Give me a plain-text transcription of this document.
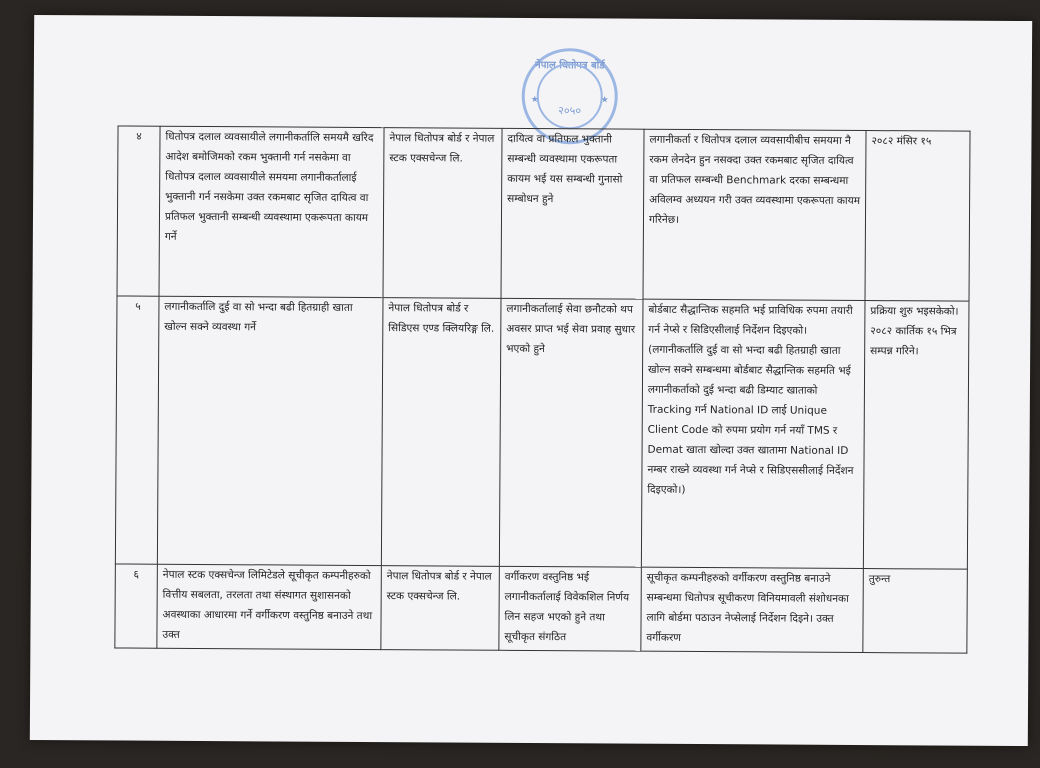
नेपाल धितोपत्र बोर्ड
२०५०
★	★
४	धितोपत्र दलाल व्यवसायीले लगानीकर्तालि समयमै खरिद आदेश बमोजिमको रकम भुक्तानी गर्न नसकेमा वा धितोपत्र दलाल व्यवसायीले समयमा लगानीकर्तालाई भुक्तानी गर्न नसकेमा उक्त रकमबाट सृजित दायित्व वा प्रतिफल भुक्तानी सम्बन्धी व्यवस्थामा एकरूपता कायम गर्ने	नेपाल धितोपत्र बोर्ड र नेपाल स्टक एक्सचेन्ज लि.	दायित्व वा प्रतिफल भुक्तानी सम्बन्धी व्यवस्थामा एकरूपता कायम भई यस सम्बन्धी गुनासो सम्बोधन हुने	लगानीकर्ता र धितोपत्र दलाल व्यवसायीबीच समयमा नै रकम लेनदेन हुन नसक्दा उक्त रकमबाट सृजित दायित्व वा प्रतिफल सम्बन्धी Benchmark दरका सम्बन्धमा अविलम्व अध्ययन गरी उक्त व्यवस्थामा एकरूपता कायम गरिनेछ।	२०८२ मंसिर १५
५	लगानीकर्तालि दुई वा सो भन्दा बढी हितग्राही खाता खोल्न सक्ने व्यवस्था गर्ने	नेपाल धितोपत्र बोर्ड र सिडिएस एण्ड क्लियरिङ्ग लि.	लगानीकर्तालाई सेवा छनौटको थप अवसर प्राप्त भई सेवा प्रवाह सुधार भएको हुने	बोर्डबाट सैद्धान्तिक सहमति भई प्राविधिक रुपमा तयारी गर्न नेप्से र सिडिएसीलाई निर्देशन दिइएको। (लगानीकर्तालि दुई वा सो भन्दा बढी हितग्राही खाता खोल्न सक्ने सम्बन्धमा बोर्डबाट सैद्धान्तिक सहमति भई लगानीकर्ताको दुई भन्दा बढी डिम्याट खाताको Tracking गर्न National ID लाई Unique Client Code को रुपमा प्रयोग गर्न नयाँ TMS र Demat खाता खोल्दा उक्त खातामा National ID नम्बर राख्ने व्यवस्था गर्न नेप्से र सिडिएससीलाई निर्देशन दिइएको।)	प्रक्रिया शुरु भइसकेको। २०८२ कार्तिक १५ भित्र सम्पन्न गरिने।
६	नेपाल स्टक एक्सचेन्ज लिमिटेडले सूचीकृत कम्पनीहरुको वित्तीय सबलता, तरलता तथा संस्थागत सुशासनको अवस्थाका आधारमा गर्ने वर्गीकरण वस्तुनिष्ठ बनाउने तथा उक्त	नेपाल धितोपत्र बोर्ड र नेपाल स्टक एक्सचेन्ज लि.	वर्गीकरण वस्तुनिष्ठ भई लगानीकर्तालाई विवेकशिल निर्णय लिन सहज भएको हुने तथा सूचीकृत संगठित	सूचीकृत कम्पनीहरुको वर्गीकरण वस्तुनिष्ठ बनाउने सम्बन्धमा धितोपत्र सूचीकरण विनियमावली संशोधनका लागि बोर्डमा पठाउन नेप्सेलाई निर्देशन दिइने। उक्त वर्गीकरण	तुरुन्त
